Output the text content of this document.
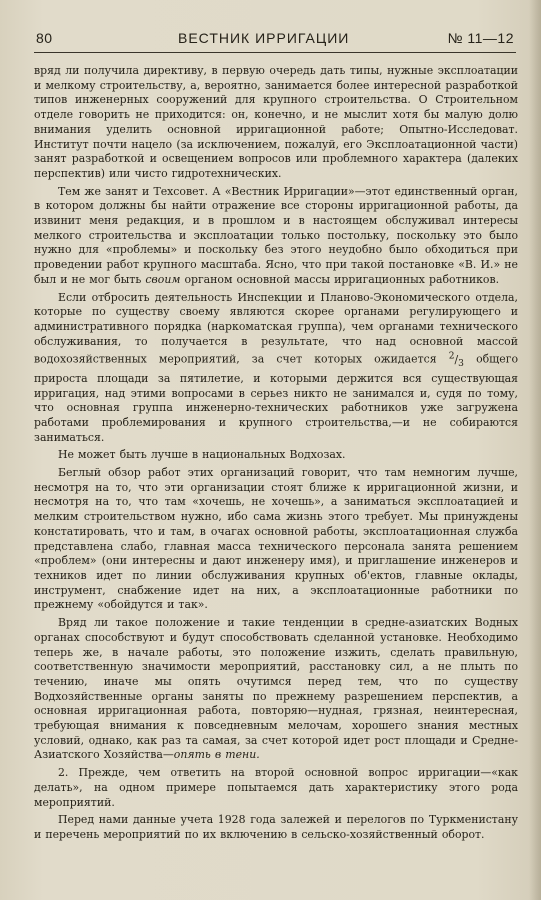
80	ВЕСТНИК ИРРИГАЦИИ	№ 11—12

вряд ли получила директиву, в первую очередь дать типы, нужные эксплоатации и мелкому строительству, а, вероятно, занимается более интересной разработкой типов инженерных сооружений для крупного строительства. О Строительном отделе говорить не приходится: он, конечно, и не мыслит хотя бы малую долю внимания уделить основной ирригационной работе; Опытно-Исследоват. Институт почти нацело (за исключением, пожалуй, его Эксплоатационной части) занят разработкой и освещением вопросов или проблемного характера (далеких перспектив) или чисто гидротехнических.

Тем же занят и Техсовет. А «Вестник Ирригации»—этот единственный орган, в котором должны бы найти отражение все стороны ирригационной работы, да извинит меня редакция, и в прошлом и в настоящем обслуживал интересы мелкого строительства и эксплоатации только постольку, поскольку это было нужно для «проблемы» и поскольку без этого неудобно было обходиться при проведении работ крупного масштаба. Ясно, что при такой постановке «В. И.» не был и не мог быть своим органом основной массы ирригационных работников.

Если отбросить деятельность Инспекции и Планово-Экономического отдела, которые по существу своему являются скорее органами регулирующего и административного порядка (наркоматская группа), чем органами технического обслуживания, то получается в результате, что над основной массой водохозяйственных мероприятий, за счет которых ожидается $^2/_3$ общего прироста площади за пятилетие, и которыми держится вся существующая ирригация, над этими вопросами в серьез никто не занимался и, судя по тому, что основная группа инженерно-технических работников уже загружена работами проблемирования и крупного строительства,—и не собираются заниматься.

Не может быть лучше в национальных Водхозах.

Беглый обзор работ этих организаций говорит, что там немногим лучше, несмотря на то, что эти организации стоят ближе к ирригационной жизни, и несмотря на то, что там «хочешь, не хочешь», а заниматься эксплоатацией и мелким строительством нужно, ибо сама жизнь этого требует. Мы принуждены констатировать, что и там, в очагах основной работы, эксплоатационная служба представлена слабо, главная масса технического персонала занята решением «проблем» (они интересны и дают инженеру имя), и приглашение инженеров и техников идет по линии обслуживания крупных об'ектов, главные оклады, инструмент, снабжение идет на них, а эксплоатационные работники по прежнему «обойдутся и так».

Вряд ли такое положение и такие тенденции в средне-азиатских Водных органах способствуют и будут способствовать сделанной установке. Необходимо теперь же, в начале работы, это положение изжить, сделать правильную, соответственную значимости мероприятий, расстановку сил, а не плыть по течению, иначе мы опять очутимся перед тем, что по существу Водхозяйственные органы заняты по прежнему разрешением перспектив, а основная ирригационная работа, повторяю—нудная, грязная, неинтересная, требующая внимания к повседневным мелочам, хорошего знания местных условий, однако, как раз та самая, за счет которой идет рост площади и Средне-Азиатского Хозяйства—опять в тени.

2. Прежде, чем ответить на второй основной вопрос ирригации—«как делать», на одном примере попытаемся дать характеристику этого рода мероприятий.

Перед нами данные учета 1928 года залежей и перелогов по Туркменистану и перечень мероприятий по их включению в сельско-хозяйственный оборот.
